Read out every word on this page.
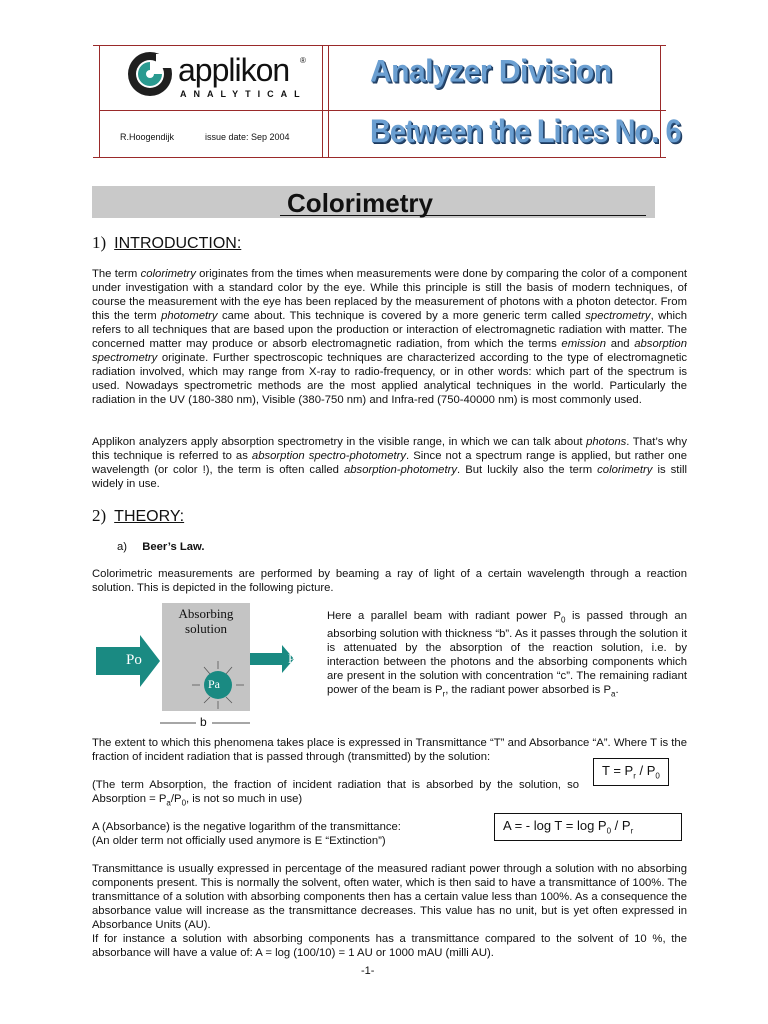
applikon ®
ANALYTICAL
R.Hoogendijk	issue date: Sep 2004
Analyzer Division
Between the Lines No. 6
Colorimetry
1) INTRODUCTION:
The term colorimetry originates from the times when measurements were done by comparing the color of a component under investigation with a standard color by the eye. While this principle is still the basis of modern techniques, of course the measurement with the eye has been replaced by the measurement of photons with a photon detector. From this the term photometry came about. This technique is covered by a more generic term called spectrometry, which refers to all techniques that are based upon the production or interaction of electromagnetic radiation with matter. The concerned matter may produce or absorb electromagnetic radiation, from which the terms emission and absorption spectrometry originate. Further spectroscopic techniques are characterized according to the type of electromagnetic radiation involved, which may range from X-ray to radio-frequency, or in other words: which part of the spectrum is used. Nowadays spectrometric methods are the most applied analytical techniques in the world. Particularly the radiation in the UV (180-380 nm), Visible (380-750 nm) and Infra-red (750-40000 nm) is most commonly used.
Applikon analyzers apply absorption spectrometry in the visible range, in which we can talk about photons. That’s why this technique is referred to as absorption spectro-photometry. Since not a spectrum range is applied, but rather one wavelength (or color !), the term is often called absorption-photometry. But luckily also the term colorimetry is still widely in use.
2) THEORY:
a) Beer’s Law.
Colorimetric measurements are performed by beaming a ray of light of a certain wavelength through a reaction solution. This is depicted in the following picture.
Absorbing
solution
Po	Pr
Pa
b
Here a parallel beam with radiant power $P_0$ is passed through an absorbing solution with thickness “b”. As it passes through the solution it is attenuated by the absorption of the reaction solution, i.e. by interaction between the photons and the absorbing components which are present in the solution with concentration “c”. The remaining radiant power of the beam is $P_r$, the radiant power absorbed is $P_a$.
The extent to which this phenomena takes place is expressed in Transmittance “T” and Absorbance “A”. Where T is the fraction of incident radiation that is passed through (transmitted) by the solution:
(The term Absorption, the fraction of incident radiation that is absorbed by the solution, so Absorption = $P_a/P_0$, is not so much in use)
$T = P_r / P_0$
A (Absorbance) is the negative logarithm of the transmittance:
(An older term not officially used anymore is E “Extinction”)
A = - $\log T = \log P_0 / P_r$
Transmittance is usually expressed in percentage of the measured radiant power through a solution with no absorbing components present. This is normally the solvent, often water, which is then said to have a transmittance of 100%. The transmittance of a solution with absorbing components then has a certain value less than 100%. As a consequence the absorbance value will increase as the transmittance decreases. This value has no unit, but is yet often expressed in Absorbance Units (AU).
If for instance a solution with absorbing components has a transmittance compared to the solvent of 10 %, the absorbance will have a value of: A = log (100/10) = 1 AU or 1000 mAU (milli AU).
-1-
